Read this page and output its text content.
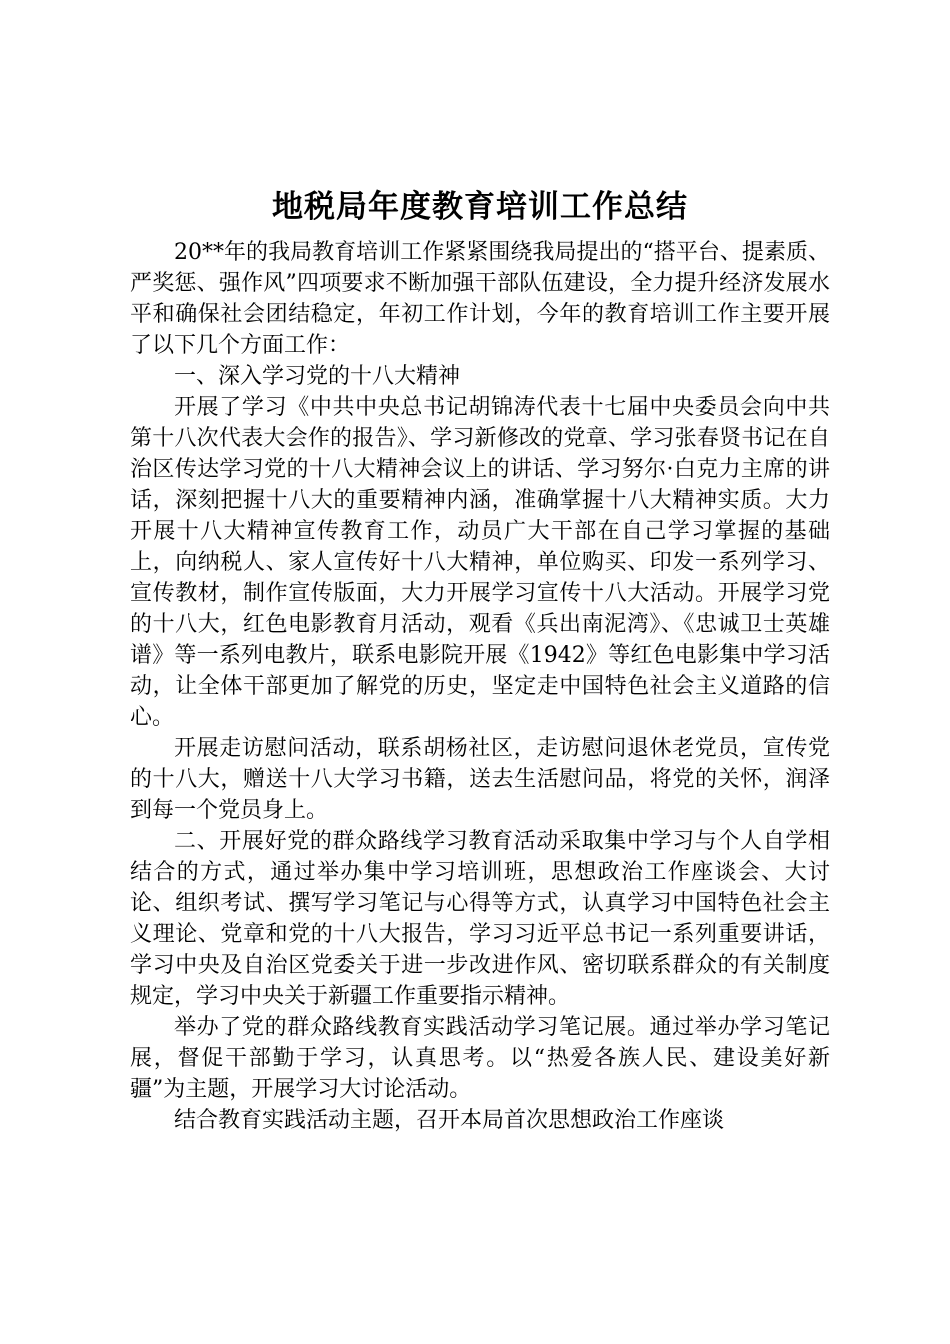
地税局年度教育培训工作总结

20**年的我局教育培训工作紧紧围绕我局提出的“搭平台、提素质、严奖惩、强作风”四项要求不断加强干部队伍建设，全力提升经济发展水平和确保社会团结稳定，年初工作计划，今年的教育培训工作主要开展了以下几个方面工作：

一、深入学习党的十八大精神

开展了学习《中共中央总书记胡锦涛代表十七届中央委员会向中共第十八次代表大会作的报告》、学习新修改的党章、学习张春贤书记在自治区传达学习党的十八大精神会议上的讲话、学习努尔·白克力主席的讲话，深刻把握十八大的重要精神内涵，准确掌握十八大精神实质。大力开展十八大精神宣传教育工作，动员广大干部在自己学习掌握的基础上，向纳税人、家人宣传好十八大精神，单位购买、印发一系列学习、宣传教材，制作宣传版面，大力开展学习宣传十八大活动。开展学习党的十八大，红色电影教育月活动，观看《兵出南泥湾》、《忠诚卫士英雄谱》等一系列电教片，联系电影院开展《1942》等红色电影集中学习活动，让全体干部更加了解党的历史，坚定走中国特色社会主义道路的信心。

开展走访慰问活动，联系胡杨社区，走访慰问退休老党员，宣传党的十八大，赠送十八大学习书籍，送去生活慰问品，将党的关怀，润泽到每一个党员身上。

二、开展好党的群众路线学习教育活动采取集中学习与个人自学相结合的方式，通过举办集中学习培训班，思想政治工作座谈会、大讨论、组织考试、撰写学习笔记与心得等方式，认真学习中国特色社会主义理论、党章和党的十八大报告，学习习近平总书记一系列重要讲话，学习中央及自治区党委关于进一步改进作风、密切联系群众的有关制度规定，学习中央关于新疆工作重要指示精神。

举办了党的群众路线教育实践活动学习笔记展。通过举办学习笔记展，督促干部勤于学习，认真思考。以“热爱各族人民、建设美好新疆”为主题，开展学习大讨论活动。

结合教育实践活动主题，召开本局首次思想政治工作座谈
